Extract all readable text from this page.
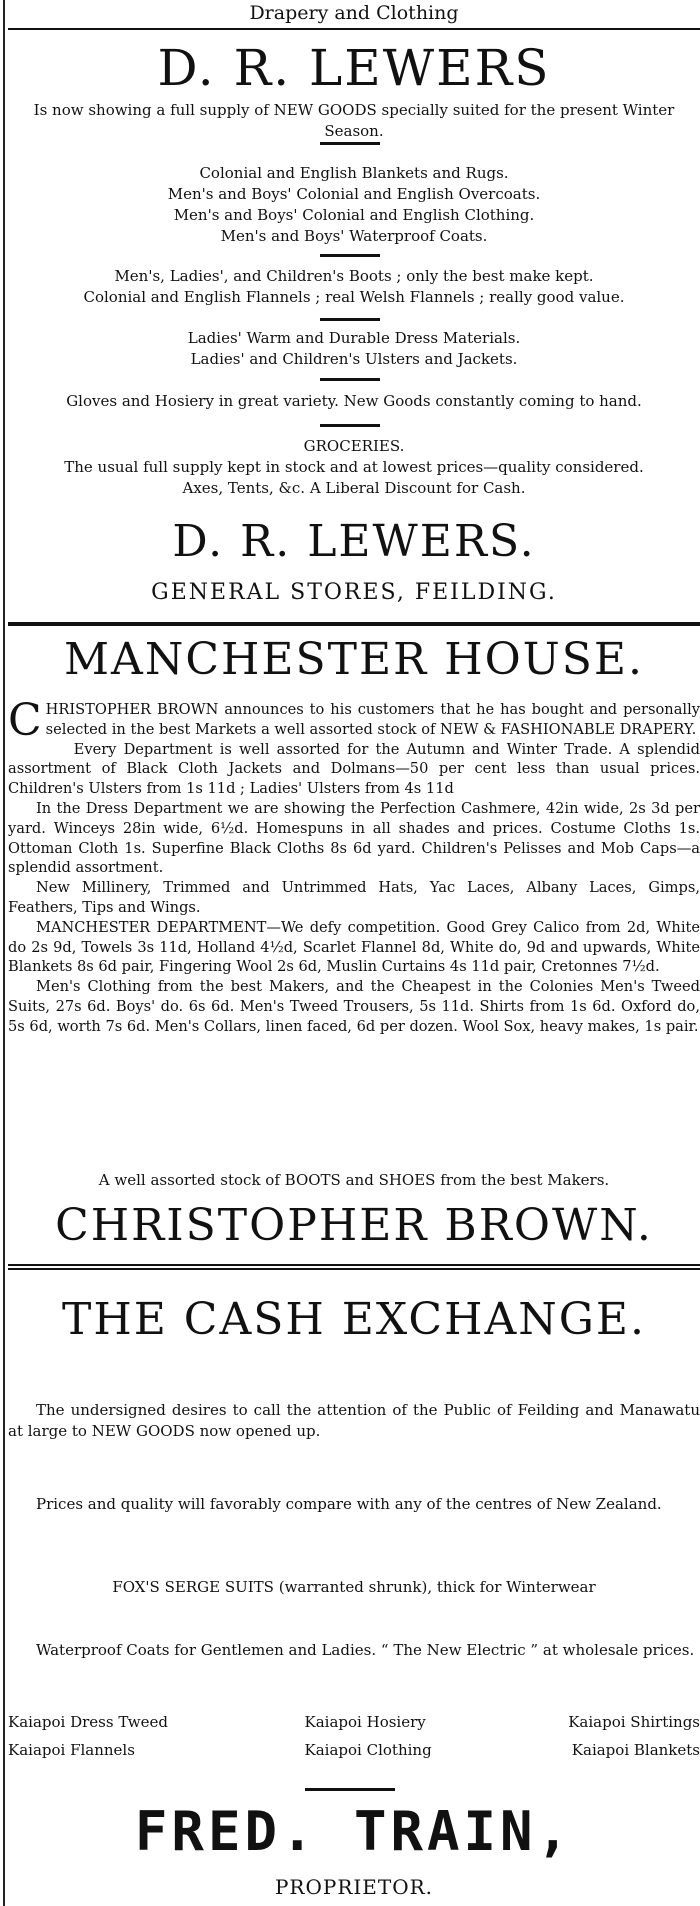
Drapery and Clothing
D. R. LEWERS
Is now showing a full supply of NEW GOODS specially suited for the present Winter Season.
Colonial and English Blankets and Rugs.
Men's and Boys' Colonial and English Overcoats.
Men's and Boys' Colonial and English Clothing.
Men's and Boys' Waterproof Coats.
Men's, Ladies', and Children's Boots ; only the best make kept.
Colonial and English Flannels ; real Welsh Flannels ; really good value.
Ladies' Warm and Durable Dress Materials.
Ladies' and Children's Ulsters and Jackets.
Gloves and Hosiery in great variety. New Goods constantly coming to hand.
GROCERIES.
The usual full supply kept in stock and at lowest prices—quality considered.
Axes, Tents, &c. A Liberal Discount for Cash.
D. R. LEWERS.
GENERAL STORES, FEILDING.
MANCHESTER HOUSE.
CHRISTOPHER BROWN announces to his customers that he has bought and personally selected in the best Markets a well assorted stock of NEW & FASHIONABLE DRAPERY.
Every Department is well assorted for the Autumn and Winter Trade. A splendid assortment of Black Cloth Jackets and Dolmans—50 per cent less than usual prices. Children's Ulsters from 1s 11d ; Ladies' Ulsters from 4s 11d
In the Dress Department we are showing the Perfection Cashmere, 42in wide, 2s 3d per yard. Winceys 28in wide, 6½d. Homespuns in all shades and prices. Costume Cloths 1s. Ottoman Cloth 1s. Superfine Black Cloths 8s 6d yard. Children's Pelisses and Mob Caps—a splendid assortment.
New Millinery, Trimmed and Untrimmed Hats, Yac Laces, Albany Laces, Gimps, Feathers, Tips and Wings.
MANCHESTER DEPARTMENT—We defy competition. Good Grey Calico from 2d, White do 2s 9d, Towels 3s 11d, Holland 4½d, Scarlet Flannel 8d, White do, 9d and upwards, White Blankets 8s 6d pair, Fingering Wool 2s 6d, Muslin Curtains 4s 11d pair, Cretonnes 7½d.
Men's Clothing from the best Makers, and the Cheapest in the Colonies Men's Tweed Suits, 27s 6d. Boys' do. 6s 6d. Men's Tweed Trousers, 5s 11d. Shirts from 1s 6d. Oxford do, 5s 6d, worth 7s 6d. Men's Collars, linen faced, 6d per dozen. Wool Sox, heavy makes, 1s pair.
A well assorted stock of BOOTS and SHOES from the best Makers.
CHRISTOPHER BROWN.
THE CASH EXCHANGE.
The undersigned desires to call the attention of the Public of Feilding and Manawatu at large to NEW GOODS now opened up.
Prices and quality will favorably compare with any of the centres of New Zealand.
FOX'S SERGE SUITS (warranted shrunk), thick for Winterwear
Waterproof Coats for Gentlemen and Ladies. “ The New Electric ” at wholesale prices.
Kaiapoi Dress Tweed
Kaiapoi Flannels
Kaiapoi Hosiery
Kaiapoi Clothing
Kaiapoi Shirtings
Kaiapoi Blankets
FRED. TRAIN,
PROPRIETOR.
